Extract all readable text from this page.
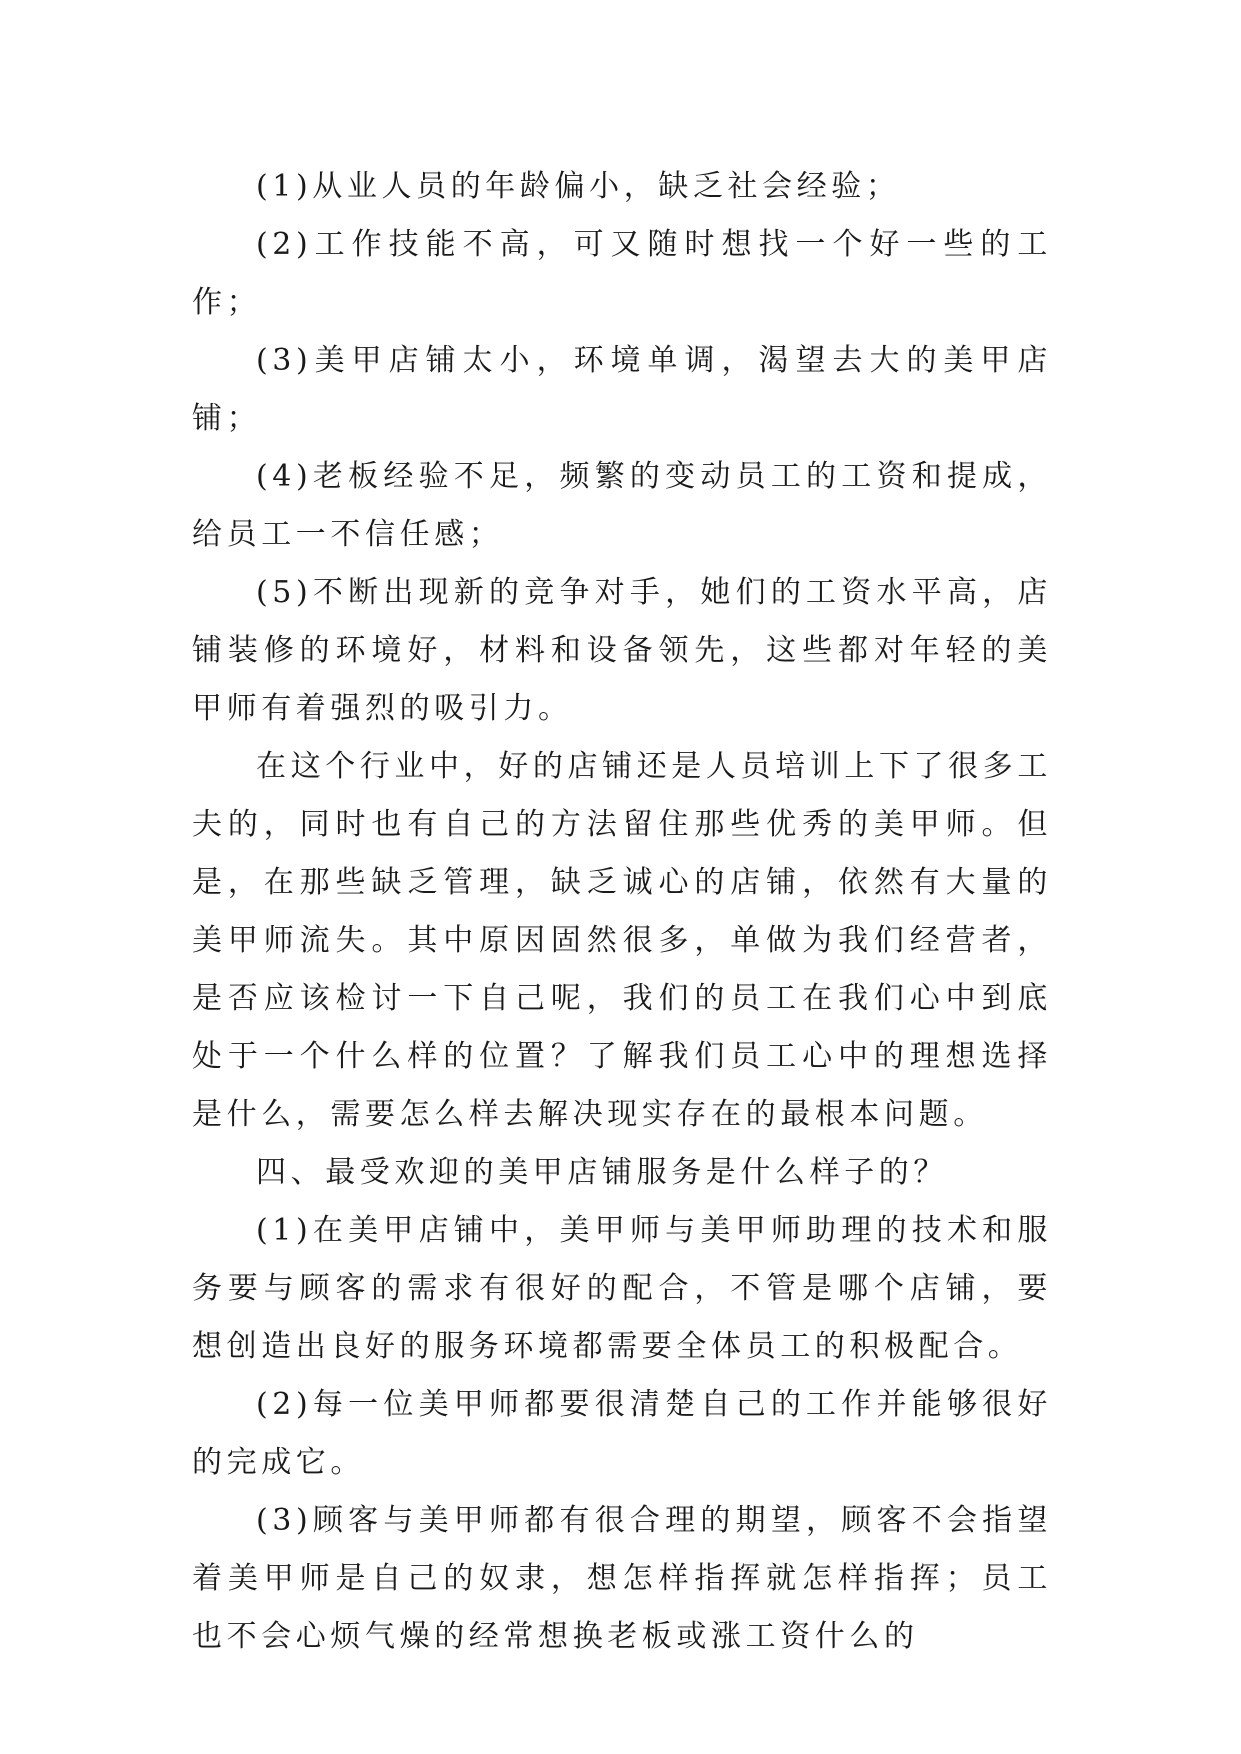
(1)从业人员的年龄偏小，缺乏社会经验；

(2)工作技能不高，可又随时想找一个好一些的工作；

(3)美甲店铺太小，环境单调，渴望去大的美甲店铺；

(4)老板经验不足，频繁的变动员工的工资和提成，给员工一不信任感；

(5)不断出现新的竞争对手，她们的工资水平高，店铺装修的环境好，材料和设备领先，这些都对年轻的美甲师有着强烈的吸引力。

在这个行业中，好的店铺还是人员培训上下了很多工夫的，同时也有自己的方法留住那些优秀的美甲师。但是，在那些缺乏管理，缺乏诚心的店铺，依然有大量的美甲师流失。其中原因固然很多，单做为我们经营者，是否应该检讨一下自己呢，我们的员工在我们心中到底处于一个什么样的位置？了解我们员工心中的理想选择是什么，需要怎么样去解决现实存在的最根本问题。

四、最受欢迎的美甲店铺服务是什么样子的？

(1)在美甲店铺中，美甲师与美甲师助理的技术和服务要与顾客的需求有很好的配合，不管是哪个店铺，要想创造出良好的服务环境都需要全体员工的积极配合。

(2)每一位美甲师都要很清楚自己的工作并能够很好的完成它。

(3)顾客与美甲师都有很合理的期望，顾客不会指望着美甲师是自己的奴隶，想怎样指挥就怎样指挥；员工也不会心烦气燥的经常想换老板或涨工资什么的
